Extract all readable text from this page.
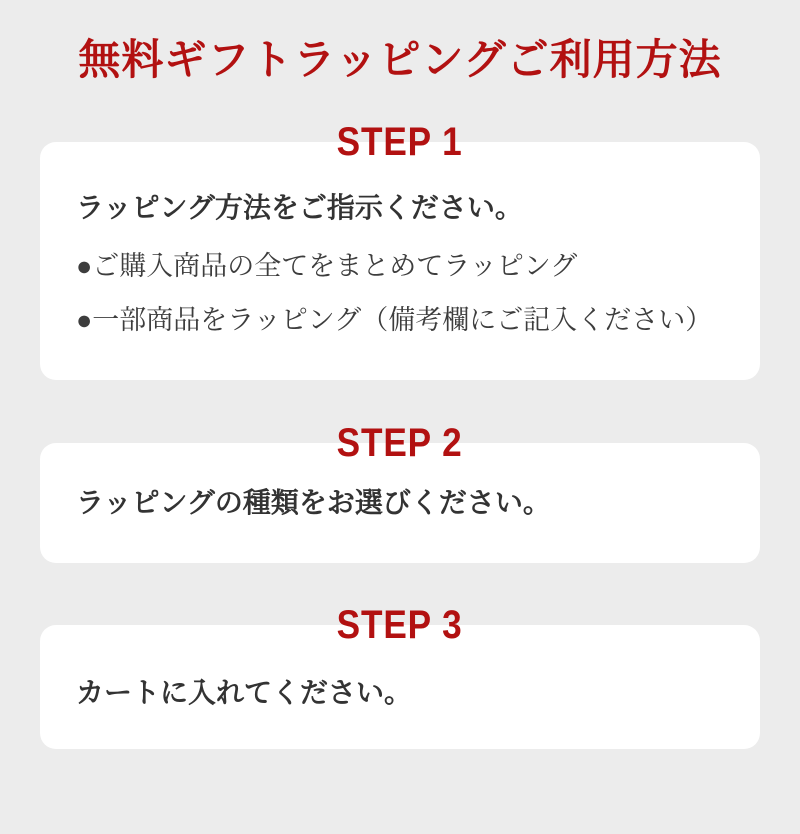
無料ギフトラッピングご利用方法
STEP 1

ラッピング方法をご指示ください。

●ご購入商品の全てをまとめてラッピング

●一部商品をラッピング（備考欄にご記入ください）

STEP 2

ラッピングの種類をお選びください。

STEP 3

カートに入れてください。
